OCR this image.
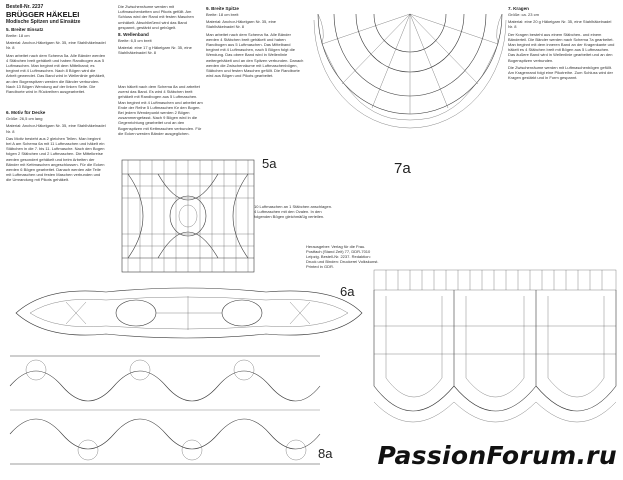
Bestell-Nr. 2237
BRÜGGER HÄKELEI
Modische Spitzen und Einsätze
5. Breiter Einsatz

Breite: 18 cm

Material: Anchor-Häkelgarn Nr. 35, eine Stahlhäkelnadel Nr. 8

Man arbeitet nach dem Schema 5a. Alle Bänder werden 4 Stäbchen breit gehäkelt und haben Randbogen aus 5 Luftmaschen. Man beginnt mit dem Mittelband; es beginnt mit 4 Luftmaschen. Nach 8 Bögen wird die Arbeit gewendet. Das Band wird in Wellenlinie gehäkelt, an den Bogenspitzen werden die Bänder verbunden. Nach 13 Bögen Wendung auf der linken Seite. Die Randborte wird in Rückreihen ausgearbeitet.

6. Motiv für Decke

Größe: 26,5 cm lang

Material: Anchor-Häkelgarn Nr. 35, eine Stahlhäkelnadel Nr. 8

Das Motiv besteht aus 2 gleichen Teilen. Man beginnt bei A am Schema 6a mit 11 Luftmaschen und häkelt ein Stäbchen in die 7. bis 11. Luftmasche. Nach den Bogen folgen 2 Stäbchen und 2 Luftmaschen. Die Mittelkreise werden gesondert gehäkelt und beim Arbeiten der Bänder mit Kettmaschen angeschlossen. Für die Ecken werden 6 Bögen gearbeitet. Danach werden alle Teile mit Luftmaschen und festen Maschen verbunden und die Umrandung mit Pikots gehäkelt.

Die Zwischenräume werden mit Luftmaschenketten und Pikots gefüllt. Am Schluss wird der Rand mit festen Maschen umhäkelt. Abschließend wird das Band gespannt, gestärkt und gebügelt.

8. Wellenband

Breite: 6,5 cm breit

Material: eine 17 g Häkelgarn Nr. 35, eine Stahlhäkelnadel Nr. 8

Man häkelt nach dem Schema 8a und arbeitet zuerst das Band. Es wird 4 Stäbchen breit gehäkelt mit Randbogen aus 5 Luftmaschen. Man beginnt mit 4 Luftmaschen und arbeitet am Ende der Reihe 5 Luftmaschen für den Bogen. Bei jedem Wendepunkt werden 2 Bögen zusammengefasst. Nach 9 Bögen wird in die Gegenrichtung gearbeitet und an den Bogenspitzen mit Kettmaschen verbunden. Für die Ecken werden Bänder ausgeglichen.

9. Breite Spitze

Breite: 18 cm breit

Material: Anchor-Häkelgarn Nr. 35, eine Stahlhäkelnadel Nr. 8

Man arbeitet nach dem Schema 9a. Alle Bänder werden 4 Stäbchen breit gehäkelt und haben Randbogen aus 5 Luftmaschen. Das Mittelband beginnt mit 4 Luftmaschen, nach 5 Bögen folgt die Wendung. Das obere Band wird in Wellenlinie weitergehäkelt und an den Spitzen verbunden. Danach werden die Zwischenräume mit Luftmaschenbögen, Stäbchen und festen Maschen gefüllt. Die Randborte wird aus Bögen und Pikots gearbeitet.

10 Luftmaschen an 1 Stäbchen anschlagen. 4 Luftmaschen mit den Ovalen. In den folgenden Bögen gleichmäßig verteilen.
Herausgeber: Verlag für die Frau. Postfach (Stand Zeit) 77, DDR-7010 Leipzig. Bestell-Nr. 2237. Redaktion: Druck und Binden: Druckerei Volkskunst. Printed in GDR.
7. Kragen

Größe: ca. 23 cm

Material: eine 20 g Häkelgarn Nr. 35, eine Stahlhäkelnadel Nr. 8

Der Kragen besteht aus einem Stäbchen- und einem Bänderteil. Die Bänder werden nach Schema 7a gearbeitet. Man beginnt mit dem inneren Band an der Kragenkante und häkelt es 4 Stäbchen breit mit Bögen aus 5 Luftmaschen. Das äußere Band wird in Wellenlinie gearbeitet und an den Bogenspitzen verbunden.

Die Zwischenräume werden mit Luftmaschenbögen gefüllt. Am Kragenrand folgt eine Pikotreihe. Zum Schluss wird der Kragen gestärkt und in Form gespannt.

5a	7a
6a
8a PassionForum.ru
